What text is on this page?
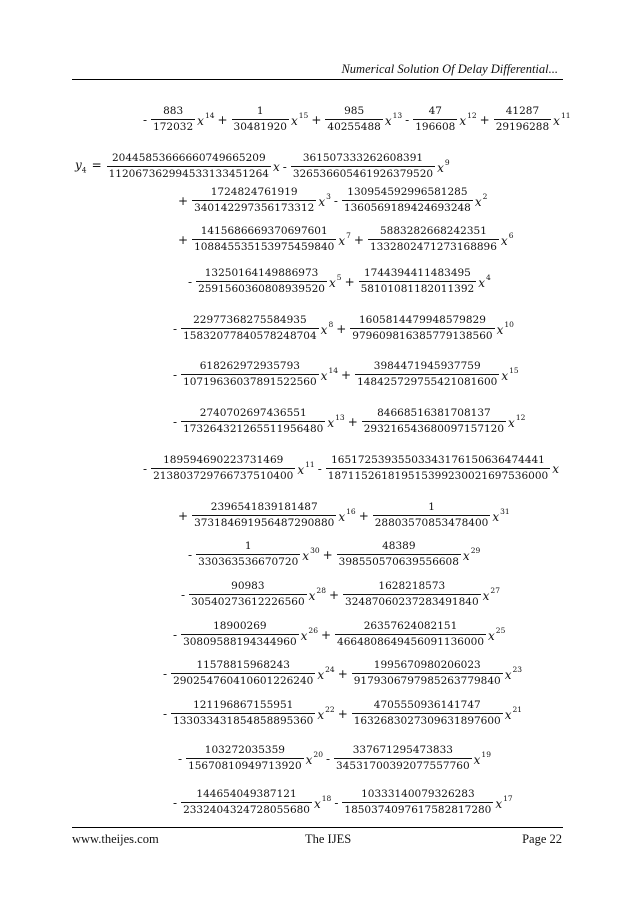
Numerical Solution Of Delay Differential...
- $\frac{883}{172032} x^{14} + \frac{1}{30481920} x^{15} + \frac{985}{40255488} x^{13} - \frac{47}{196608} x^{12} + \frac{41287}{29196288} x^{11}$
$y_4 = \frac{20445853666660749665209}{112067362994533133451264}$ x - $\frac{361507333262608391}{326536605461926379520} x^9$
+ $\frac{1724824761919}{340142297356173312} x^3 - \frac{130954592996581285}{1360569189424693248} x^2$
+ $\frac{1415686669370697601}{108845535153975459840} x^7 + \frac{5883282668242351}{1332802471273168896} x^6$
- $\frac{13250164149886973}{2591560360808939520} x^5 + \frac{1744394411483495}{58101081182011392} x^4$
- $\frac{22977368275584935}{15832077840578248704} x^8 + \frac{1605814479948579829}{979609816385779138560} x^{10}$
- $\frac{618262972935793}{10719636037891522560} x^{14} + \frac{3984471945937759}{148425729755421081600} x^{15}$
- $\frac{2740702697436551}{173264321265511956480} x^{13} + \frac{84668516381708137}{293216543680097157120} x^{12}$
- $\frac{189594690223731469}{213803729766737510400} x^{11} - \frac{16517253935503343176150636474441}{187115261819515399230021697536000}$ x
+ $\frac{2396541839181487}{373184691956487290880} x^{16} + \frac{1}{28803570853478400} x^{31}$
- $\frac{1}{330363536670720} x^{30} + \frac{48389}{398550570639556608} x^{29}$
- $\frac{90983}{30540273612226560} x^{28} + \frac{1628218573}{32487060237283491840} x^{27}$
- $\frac{18900269}{30809588194344960} x^{26} + \frac{26357624082151}{4664808649456091136000} x^{25}$
- $\frac{11578815968243}{290254760410601226240} x^{24} + \frac{1995670980206023}{9179306797985263779840} x^{23}$
- $\frac{121196867155951}{133033431854858895360} x^{22} + \frac{4705550936141747}{1632683027309631897600} x^{21}$
- $\frac{103272035359}{15670810949713920} x^{20} - \frac{337671295473833}{34531700392077557760} x^{19}$
- $\frac{144654049387121}{2332404324728055680} x^{18} - \frac{10333140079326283}{1850374097617582817280} x^{17}$
www.theijes.com	The IJES	Page 22
